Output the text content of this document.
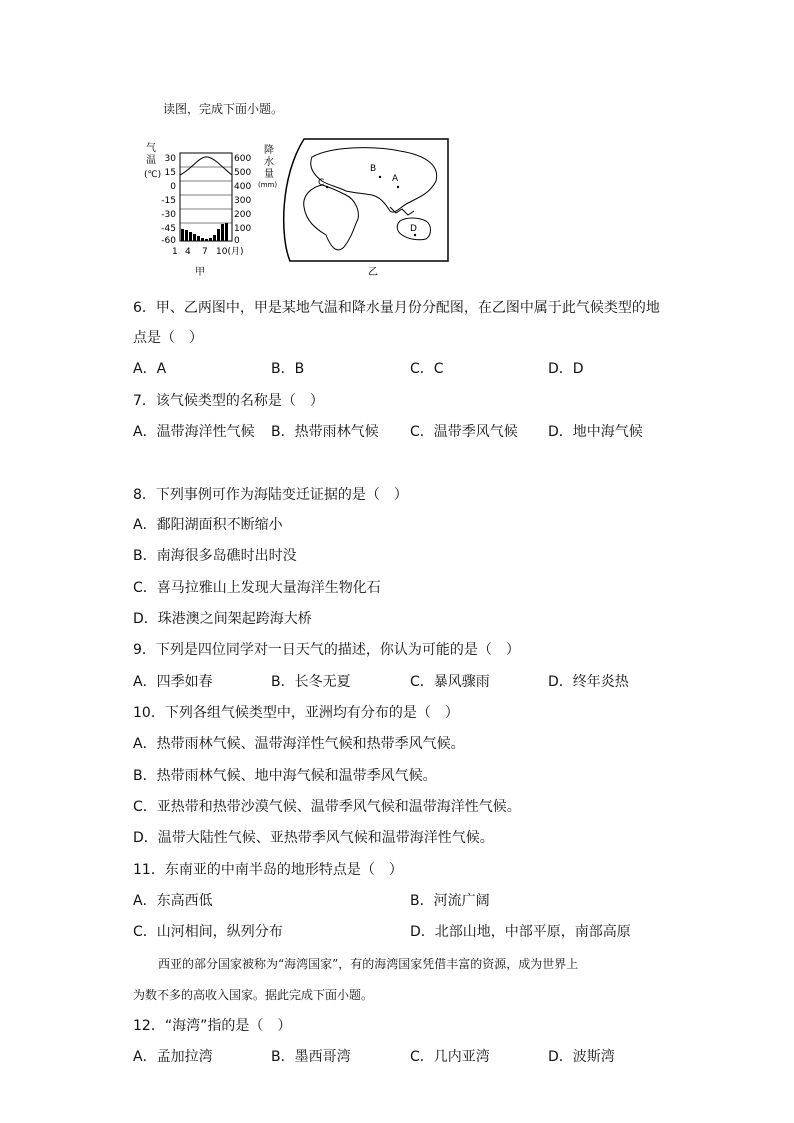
读图，完成下面小题。
气
温
(℃)
30
15
0
-15
-30
-45
-60
600
500
400
300
200
100
0
降
水
量
(mm)
1 4 7 10(月)
甲
B
A
C
D
乙
6．甲、乙两图中，甲是某地气温和降水量月份分配图，在乙图中属于此气候类型的地
点是（　）
A．A	B．B	C．C	D．D
7．该气候类型的名称是（　）
A．温带海洋性气候 B．热带雨林气候 C．温带季风气候 D．地中海气候
8．下列事例可作为海陆变迁证据的是（　）
A．鄱阳湖面积不断缩小
B．南海很多岛礁时出时没
C．喜马拉雅山上发现大量海洋生物化石
D．珠港澳之间架起跨海大桥
9．下列是四位同学对一日天气的描述，你认为可能的是（　）
A．四季如春	B．长冬无夏	C．暴风骤雨	D．终年炎热
10．下列各组气候类型中，亚洲均有分布的是（　）
A．热带雨林气候、温带海洋性气候和热带季风气候。
B．热带雨林气候、地中海气候和温带季风气候。
C．亚热带和热带沙漠气候、温带季风气候和温带海洋性气候。
D．温带大陆性气候、亚热带季风气候和温带海洋性气候。
11．东南亚的中南半岛的地形特点是（　）
A．东高西低	B．河流广阔
C．山河相间，纵列分布	D．北部山地，中部平原，南部高原
西亚的部分国家被称为“海湾国家”，有的海湾国家凭借丰富的资源，成为世界上
为数不多的高收入国家。据此完成下面小题。
12．“海湾”指的是（　）
A．孟加拉湾	B．墨西哥湾	C．几内亚湾	D．波斯湾
